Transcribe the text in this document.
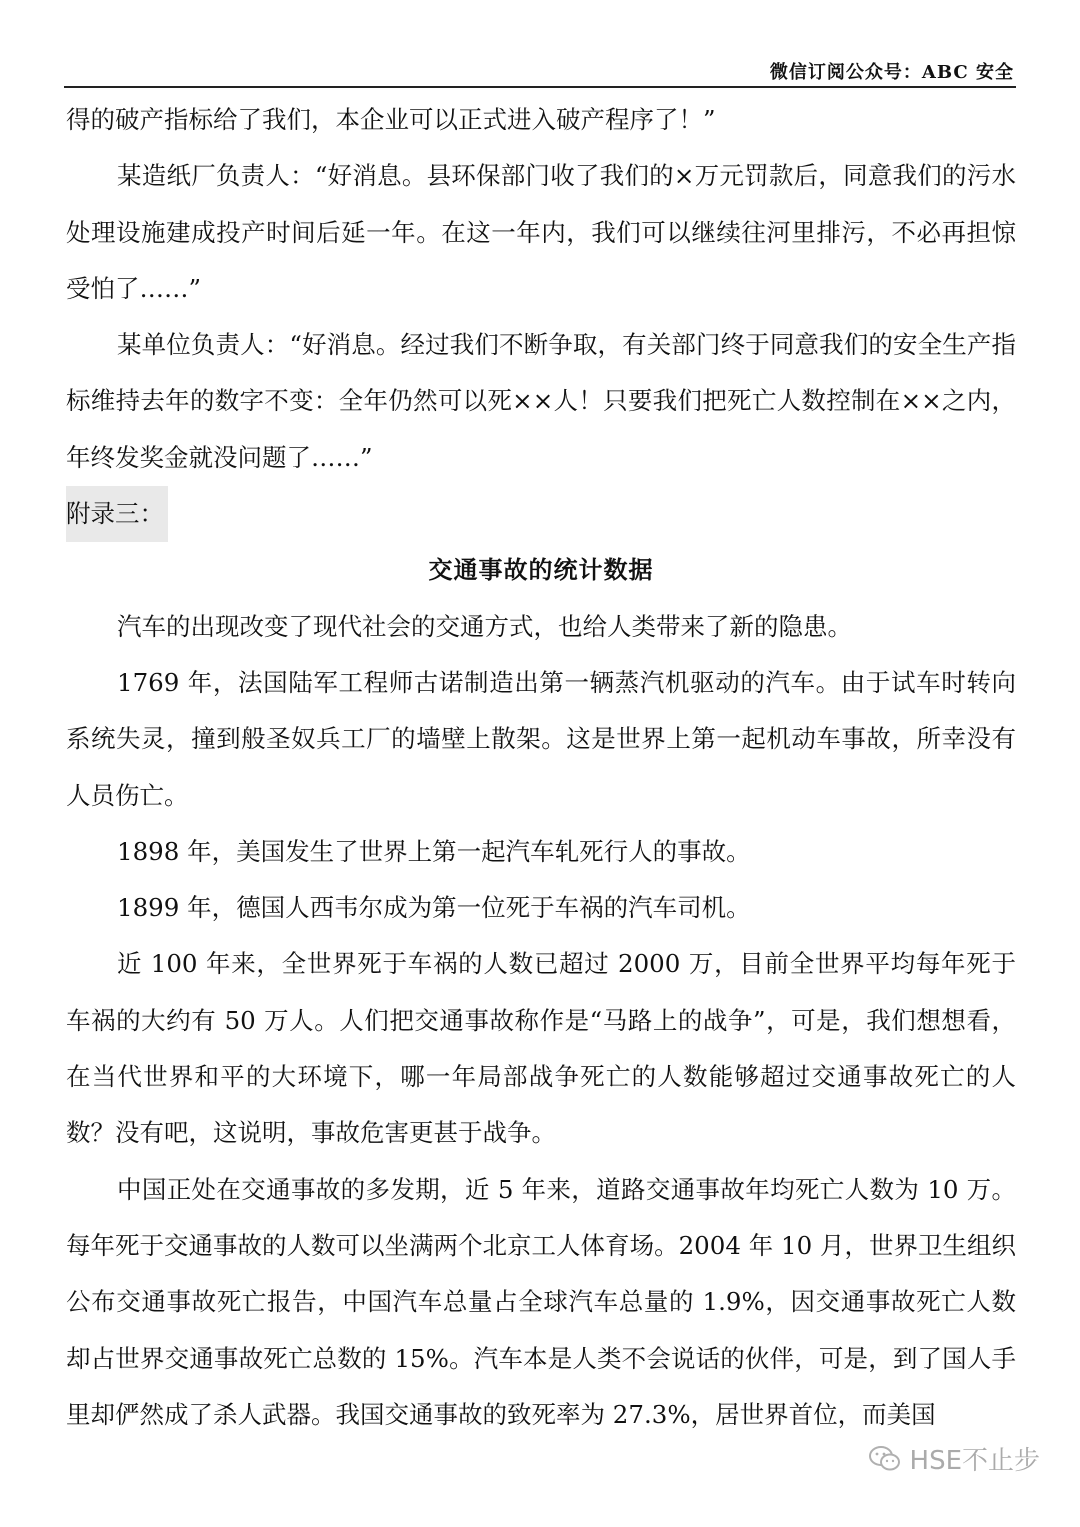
微信订阅公众号：ABC 安全

得的破产指标给了我们，本企业可以正式进入破产程序了！”

某造纸厂负责人：“好消息。县环保部门收了我们的×万元罚款后，同意我们的污水处理设施建成投产时间后延一年。在这一年内，我们可以继续往河里排污，不必再担惊受怕了……”

某单位负责人：“好消息。经过我们不断争取，有关部门终于同意我们的安全生产指标维持去年的数字不变：全年仍然可以死××人！只要我们把死亡人数控制在××之内，年终发奖金就没问题了……”

附录三：

交通事故的统计数据

汽车的出现改变了现代社会的交通方式，也给人类带来了新的隐患。

1769 年，法国陆军工程师古诺制造出第一辆蒸汽机驱动的汽车。由于试车时转向系统失灵，撞到般圣奴兵工厂的墙壁上散架。这是世界上第一起机动车事故，所幸没有人员伤亡。

1898 年，美国发生了世界上第一起汽车轧死行人的事故。

1899 年，德国人西韦尔成为第一位死于车祸的汽车司机。

近 100 年来，全世界死于车祸的人数已超过 2000 万，目前全世界平均每年死于车祸的大约有 50 万人。人们把交通事故称作是“马路上的战争”，可是，我们想想看，在当代世界和平的大环境下，哪一年局部战争死亡的人数能够超过交通事故死亡的人数？没有吧，这说明，事故危害更甚于战争。

中国正处在交通事故的多发期，近 5 年来，道路交通事故年均死亡人数为 10 万。每年死于交通事故的人数可以坐满两个北京工人体育场。2004 年 10 月，世界卫生组织公布交通事故死亡报告，中国汽车总量占全球汽车总量的 1.9%，因交通事故死亡人数却占世界交通事故死亡总数的 15%。汽车本是人类不会说话的伙伴，可是，到了国人手里却俨然成了杀人武器。我国交通事故的致死率为 27.3%，居世界首位，而美国

HSE不止步
